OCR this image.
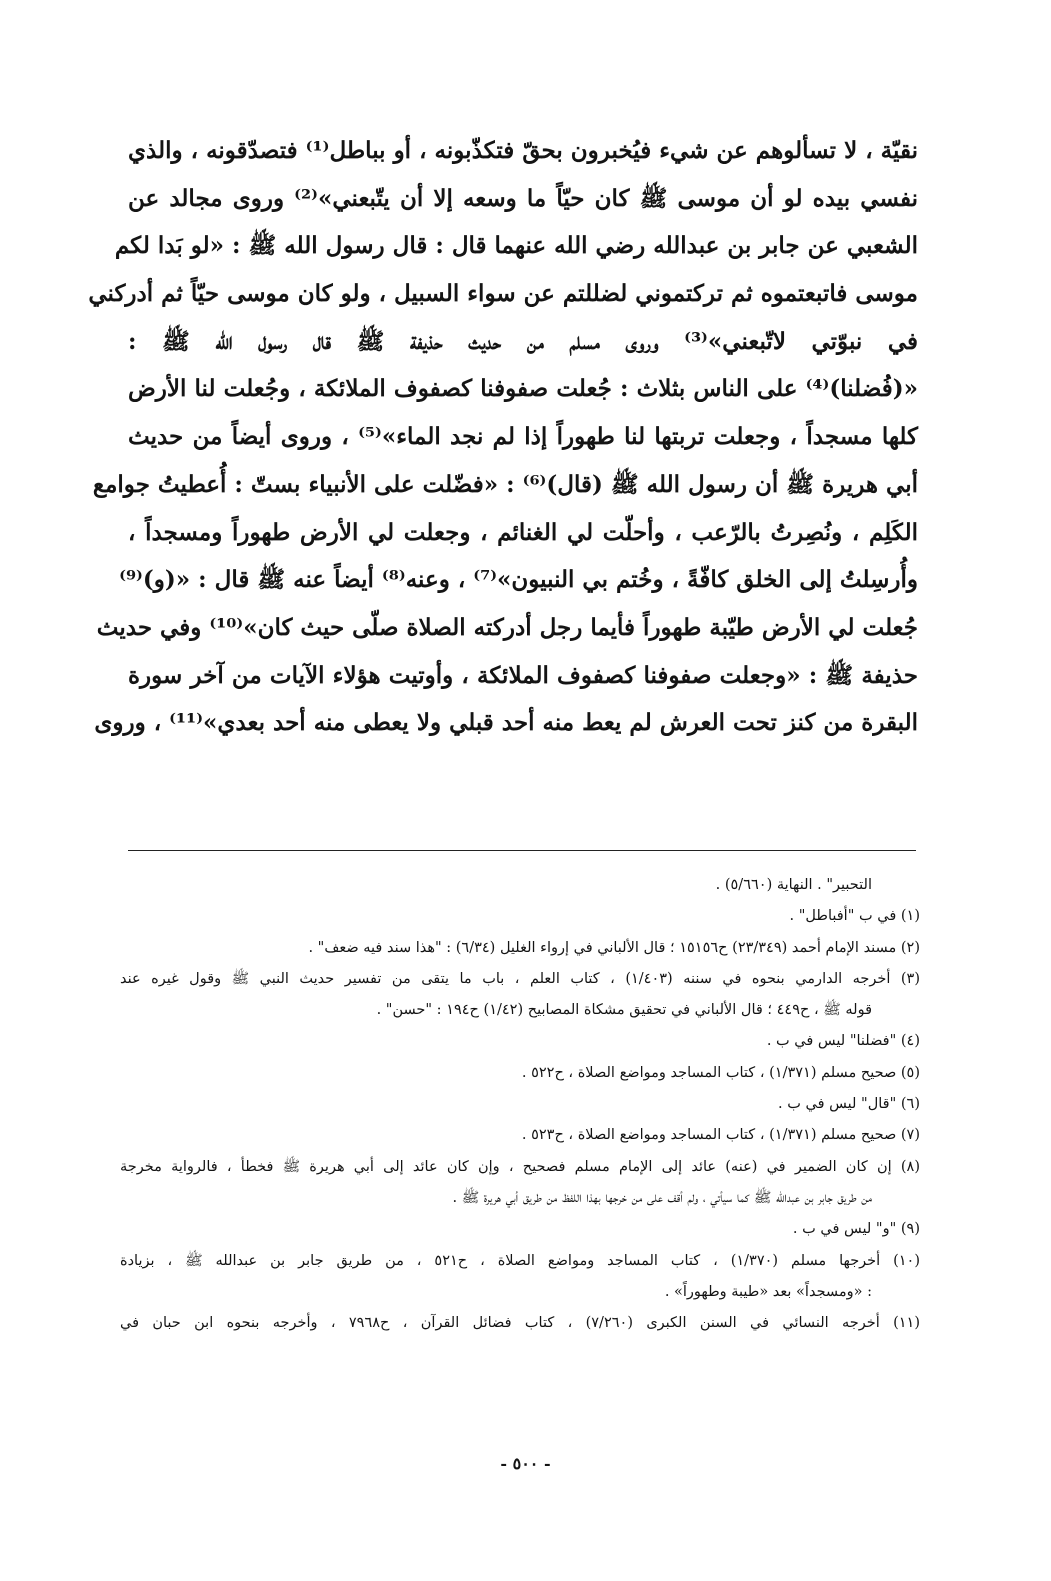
نقيّة ، لا تسألوهم عن شيء فيُخبرون بحقّ فتكذّبونه ، أو بباطل⁽¹⁾ فتصدّقونه ، والذي
نفسي بيده لو أن موسى ﷺ كان حيّاً ما وسعه إلا أن يتّبعني»⁽²⁾ وروى مجالد عن
الشعبي عن جابر بن عبدالله رضي الله عنهما قال : قال رسول الله ﷺ : «لو بَدا لكم
موسى فاتبعتموه ثم تركتموني لضللتم عن سواء السبيل ، ولو كان موسى حيّاً ثم أدركني
في نبوّتي لاتّبعني»⁽³⁾ وروى مسلم من حديث حذيفة ﷺ قال رسول الله ﷺ :
«(فُضلنا)⁽⁴⁾ على الناس بثلاث : جُعلت صفوفنا كصفوف الملائكة ، وجُعلت لنا الأرض
كلها مسجداً ، وجعلت تربتها لنا طهوراً إذا لم نجد الماء»⁽⁵⁾ ، وروى أيضاً من حديث
أبي هريرة ﷺ أن رسول الله ﷺ (قال)⁽⁶⁾ : «فضّلت على الأنبياء بستّ : أُعطيتُ جوامع
الكَلِم ، ونُصِرتُ بالرّعب ، وأحلّت لي الغنائم ، وجعلت لي الأرض طهوراً ومسجداً ،
وأُرسِلتُ إلى الخلق كافّةً ، وخُتم بي النبيون»⁽⁷⁾ ، وعنه⁽⁸⁾ أيضاً عنه ﷺ قال : «(و)⁽⁹⁾
جُعلت لي الأرض طيّبة طهوراً فأيما رجل أدركته الصلاة صلّى حيث كان»⁽¹⁰⁾ وفي حديث
حذيفة ﷺ : «وجعلت صفوفنا كصفوف الملائكة ، وأوتيت هؤلاء الآيات من آخر سورة
البقرة من كنز تحت العرش لم يعط منه أحد قبلي ولا يعطى منه أحد بعدي»⁽¹¹⁾ ، وروى
التحبير" . النهاية (٥/٦٦٠) .
(١) في ب "أفباطل" .
(٢) مسند الإمام أحمد (٢٣/٣٤٩) ح١٥١٥٦ ؛ قال الألباني في إرواء الغليل (٦/٣٤) : "هذا سند فيه ضعف" .
(٣) أخرجه الدارمي بنحوه في سننه (١/٤٠٣) ، كتاب العلم ، باب ما يتقى من تفسير حديث النبي ﷺ وقول غيره عند
قوله ﷺ ، ح٤٤٩ ؛ قال الألباني في تحقيق مشكاة المصابيح (١/٤٢) ح١٩٤ : "حسن" .
(٤) "فضلنا" ليس في ب .
(٥) صحيح مسلم (١/٣٧١) ، كتاب المساجد ومواضع الصلاة ، ح٥٢٢ .
(٦) "قال" ليس في ب .
(٧) صحيح مسلم (١/٣٧١) ، كتاب المساجد ومواضع الصلاة ، ح٥٢٣ .
(٨) إن كان الضمير في (عنه) عائد إلى الإمام مسلم فصحيح ، وإن كان عائد إلى أبي هريرة ﷺ فخطأ ، فالرواية مخرجة
من طريق جابر بن عبدالله ﷺ كما سيأتي ، ولم أقف على من خرجها بهذا اللفظ من طريق أبي هريرة ﷺ .
(٩) "و" ليس في ب .
(١٠) أخرجها مسلم (١/٣٧٠) ، كتاب المساجد ومواضع الصلاة ، ح٥٢١ ، من طريق جابر بن عبدالله ﷺ ، بزيادة
: «ومسجداً» بعد «طيبة وطهوراً» .
(١١) أخرجه النسائي في السنن الكبرى (٧/٢٦٠) ، كتاب فضائل القرآن ، ح٧٩٦٨ ، وأخرجه بنحوه ابن حبان في
- ٥٠٠ -
